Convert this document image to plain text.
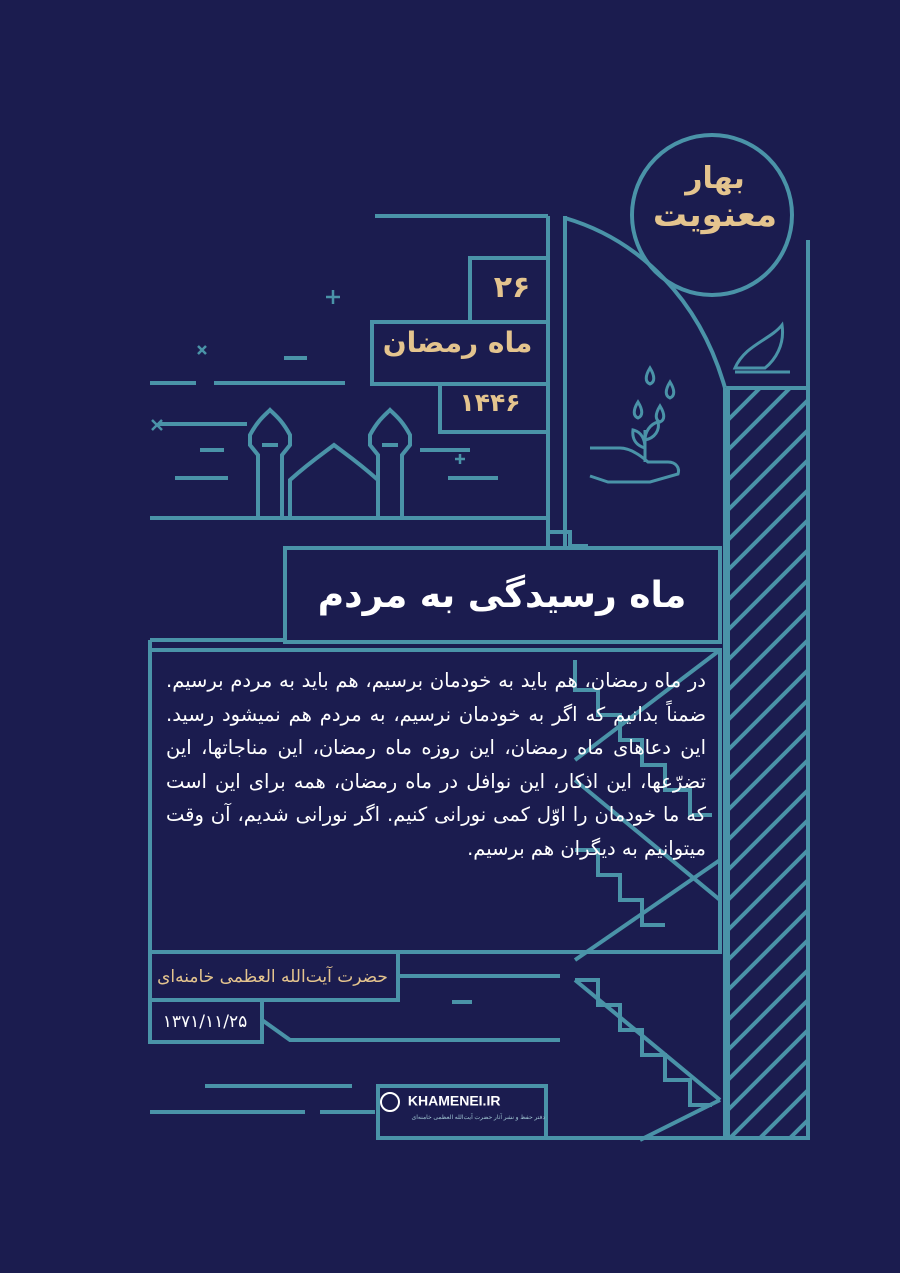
بهار
معنویت
۲۶
ماه رمضان
۱۴۴۶
ماه رسیدگی به مردم
در ماه رمضان، هم باید به خودمان برسیم، هم باید به مردم برسیم. ضمناً بدانیم که اگر به خودمان نرسیم، به مردم هم نمیشود رسید. این دعاهای ماه رمضان، این روزه ماه رمضان، این مناجاتها، این تضرّعها، این اذکار، این نوافل در ماه رمضان، همه برای این است که ما خودمان را اوّل کمی نورانی کنیم. اگر نورانی شدیم، آن وقت میتوانیم به دیگران هم برسیم.
حضرت آیت‌الله العظمی خامنه‌ای
۱۳۷۱/۱۱/۲۵
KHAMENEI.IR
دفتر حفظ و نشر آثار حضرت آیت‌الله العظمی خامنه‌ای
